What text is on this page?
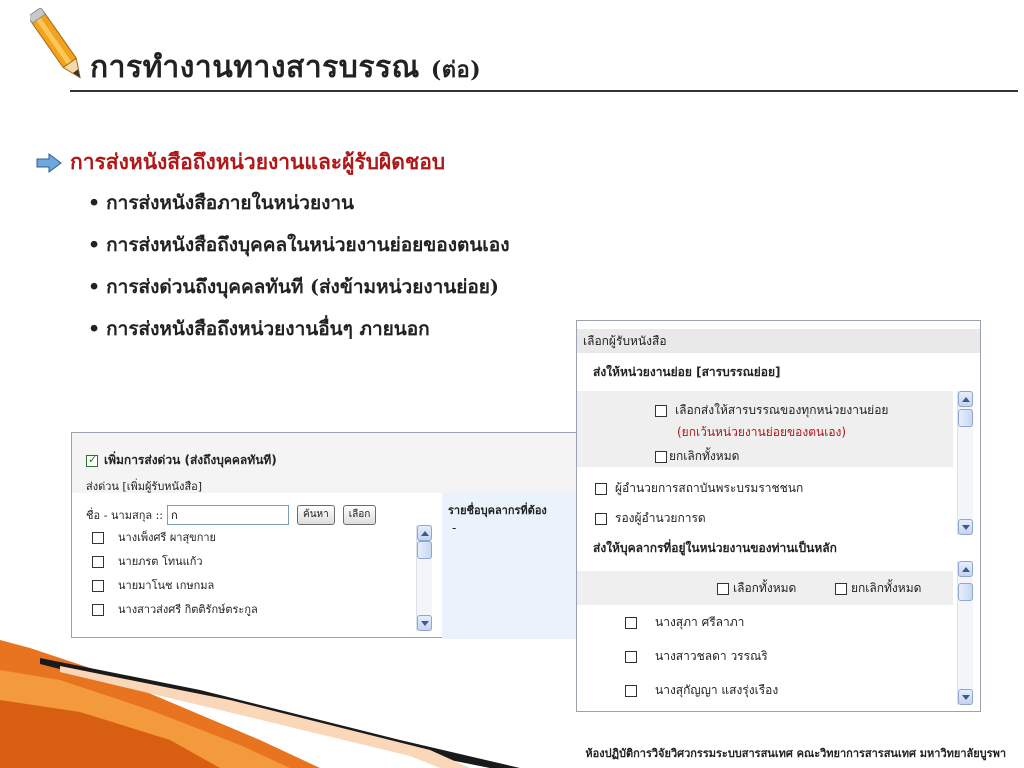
การทำงานทางสารบรรณ (ต่อ)
การส่งหนังสือถึงหน่วยงานและผู้รับผิดชอบ
• การส่งหนังสือภายในหน่วยงาน
• การส่งหนังสือถึงบุคคลในหน่วยงานย่อยของตนเอง
• การส่งด่วนถึงบุคคลทันที (ส่งข้ามหน่วยงานย่อย)
• การส่งหนังสือถึงหน่วยงานอื่นๆ ภายนอก
✓เพิ่มการส่งด่วน (ส่งถึงบุคคลทันที)
ส่งด่วน [เพิ่มผู้รับหนังสือ]
ชื่อ - นามสกุล ::
ก	ค้นหา	เลือก
นางเพ็งศรี ผาสุขกาย
นายภรต โทนแก้ว
นายมาโนช เกษกมล
นางสาวส่งศรี กิตติรักษ์ตระกูล
รายชื่อบุคลากรที่ต้อง
-
เลือกผู้รับหนังสือ
ส่งให้หน่วยงานย่อย [สารบรรณย่อย]
เลือกส่งให้สารบรรณของทุกหน่วยงานย่อย
(ยกเว้นหน่วยงานย่อยของตนเอง)
ยกเลิกทั้งหมด
ผู้อำนวยการสถาบันพระบรมราชชนก
รองผู้อำนวยการด
ส่งให้บุคลากรที่อยู่ในหน่วยงานของท่านเป็นหลัก
เลือกทั้งหมด	ยกเลิกทั้งหมด
นางสุภา ศรีลาภา
นางสาวชลดา วรรณริ
นางสุกัญญา แสงรุ่งเรือง
ห้องปฏิบัติการวิจัยวิศวกรรมระบบสารสนเทศ คณะวิทยาการสารสนเทศ มหาวิทยาลัยบูรพา
